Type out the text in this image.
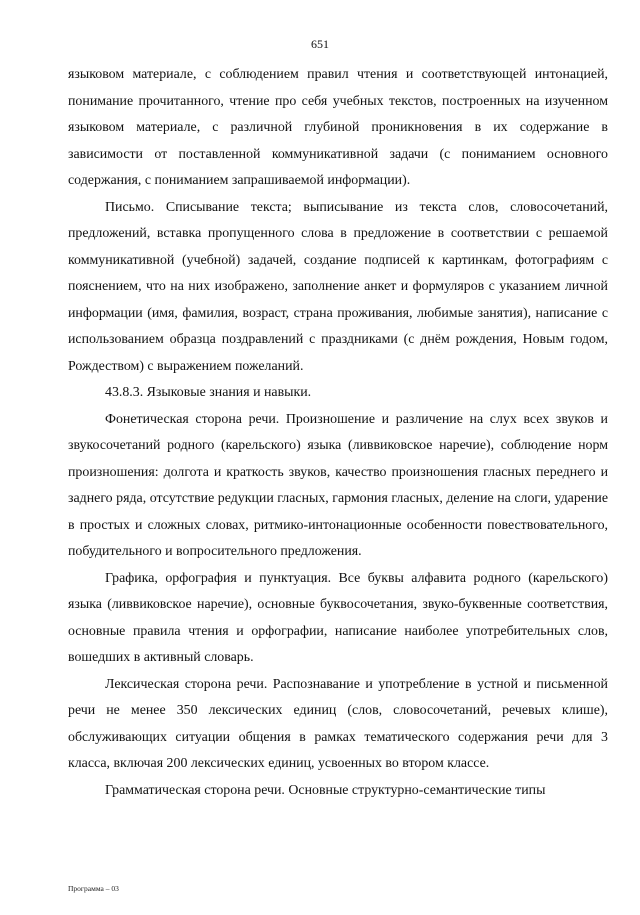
651

языковом материале, с соблюдением правил чтения и соответствующей интонацией, понимание прочитанного, чтение про себя учебных текстов, построенных на изученном языковом материале, с различной глубиной проникновения в их содержание в зависимости от поставленной коммуникативной задачи (с пониманием основного содержания, с пониманием запрашиваемой информации).

Письмо. Списывание текста; выписывание из текста слов, словосочетаний, предложений, вставка пропущенного слова в предложение в соответствии с решаемой коммуникативной (учебной) задачей, создание подписей к картинкам, фотографиям с пояснением, что на них изображено, заполнение анкет и формуляров с указанием личной информации (имя, фамилия, возраст, страна проживания, любимые занятия), написание с использованием образца поздравлений с праздниками (с днём рождения, Новым годом, Рождеством) с выражением пожеланий.

43.8.3. Языковые знания и навыки.

Фонетическая сторона речи. Произношение и различение на слух всех звуков и звукосочетаний родного (карельского) языка (ливвиковское наречие), соблюдение норм произношения: долгота и краткость звуков, качество произношения гласных переднего и заднего ряда, отсутствие редукции гласных, гармония гласных, деление на слоги, ударение в простых и сложных словах, ритмико-интонационные особенности повествовательного, побудительного и вопросительного предложения.

Графика, орфография и пунктуация. Все буквы алфавита родного (карельского) языка (ливвиковское наречие), основные буквосочетания, звуко-буквенные соответствия, основные правила чтения и орфографии, написание наиболее употребительных слов, вошедших в активный словарь.

Лексическая сторона речи. Распознавание и употребление в устной и письменной речи не менее 350 лексических единиц (слов, словосочетаний, речевых клише), обслуживающих ситуации общения в рамках тематического содержания речи для 3 класса, включая 200 лексических единиц, усвоенных во втором классе.

Грамматическая сторона речи. Основные структурно-семантические типы

Программа – 03
